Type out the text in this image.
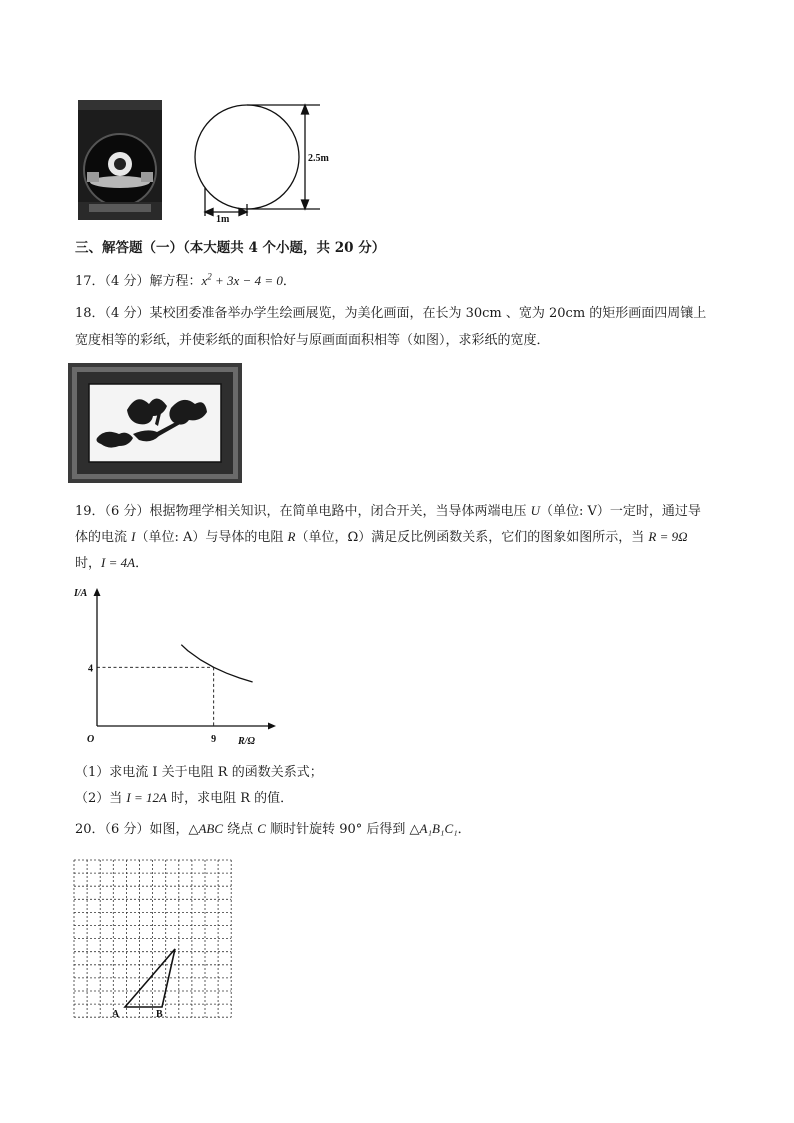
2.5m
1m
三、解答题（一）（本大题共 4 个小题，共 20 分）
17．（4 分）解方程：$x^2 + 3x - 4 = 0$．
18．（4 分）某校团委准备举办学生绘画展览，为美化画面，在长为 30cm 、宽为 20cm 的矩形画面四周镶上
宽度相等的彩纸，并使彩纸的面积恰好与原画面面积相等（如图），求彩纸的宽度．
19．（6 分）根据物理学相关知识，在简单电路中，闭合开关，当导体两端电压 U（单位: V）一定时，通过导
体的电流 I（单位: A）与导体的电阻 R（单位，Ω）满足反比例函数关系，它们的图象如图所示，当 R = 9Ω
时，I = 4A．
I/A
R/Ω
O	9
4
（1）求电流 I 关于电阻 R 的函数关系式；
（2）当 I = 12A 时，求电阻 R 的值．
20．（6 分）如图，△ABC 绕点 C 顺时针旋转 90° 后得到 △A₁B₁C₁．
A	B
